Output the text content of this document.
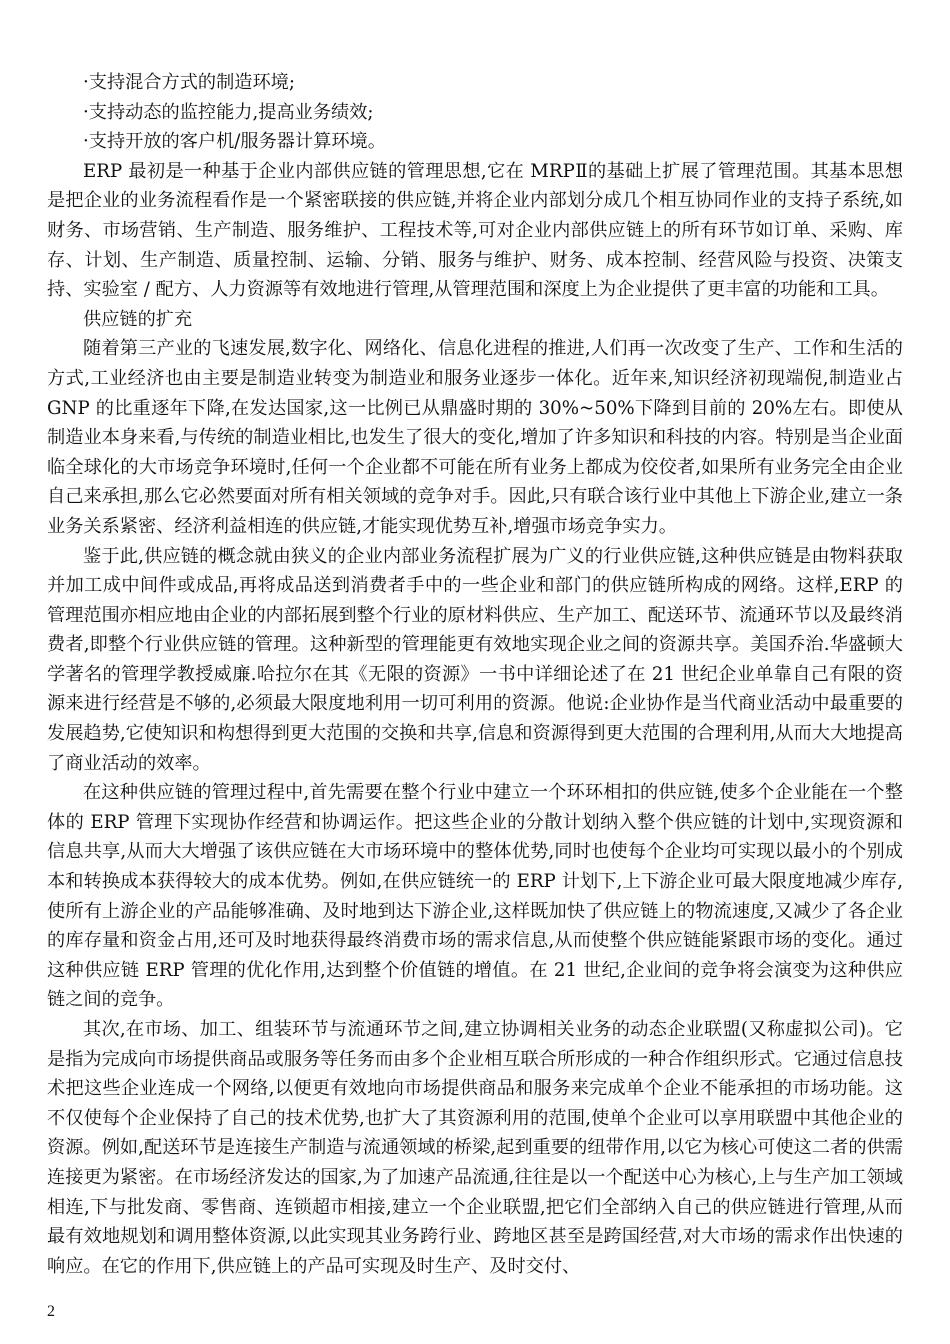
·支持混合方式的制造环境;

·支持动态的监控能力,提高业务绩效;

·支持开放的客户机/服务器计算环境。

ERP 最初是一种基于企业内部供应链的管理思想,它在 MRPⅡ的基础上扩展了管理范围。其基本思想是把企业的业务流程看作是一个紧密联接的供应链,并将企业内部划分成几个相互协同作业的支持子系统,如财务、市场营销、生产制造、服务维护、工程技术等,可对企业内部供应链上的所有环节如订单、采购、库存、计划、生产制造、质量控制、运输、分销、服务与维护、财务、成本控制、经营风险与投资、决策支持、实验室 / 配方、人力资源等有效地进行管理,从管理范围和深度上为企业提供了更丰富的功能和工具。

供应链的扩充

随着第三产业的飞速发展,数字化、网络化、信息化进程的推进,人们再一次改变了生产、工作和生活的方式,工业经济也由主要是制造业转变为制造业和服务业逐步一体化。近年来,知识经济初现端倪,制造业占 GNP 的比重逐年下降,在发达国家,这一比例已从鼎盛时期的 30%~50%下降到目前的 20%左右。即使从制造业本身来看,与传统的制造业相比,也发生了很大的变化,增加了许多知识和科技的内容。特别是当企业面临全球化的大市场竞争环境时,任何一个企业都不可能在所有业务上都成为佼佼者,如果所有业务完全由企业自己来承担,那么它必然要面对所有相关领域的竞争对手。因此,只有联合该行业中其他上下游企业,建立一条业务关系紧密、经济利益相连的供应链,才能实现优势互补,增强市场竞争实力。

鉴于此,供应链的概念就由狭义的企业内部业务流程扩展为广义的行业供应链,这种供应链是由物料获取并加工成中间件或成品,再将成品送到消费者手中的一些企业和部门的供应链所构成的网络。这样,ERP 的管理范围亦相应地由企业的内部拓展到整个行业的原材料供应、生产加工、配送环节、流通环节以及最终消费者,即整个行业供应链的管理。这种新型的管理能更有效地实现企业之间的资源共享。美国乔治.华盛顿大学著名的管理学教授威廉.哈拉尔在其《无限的资源》一书中详细论述了在 21 世纪企业单靠自己有限的资源来进行经营是不够的,必须最大限度地利用一切可利用的资源。他说:企业协作是当代商业活动中最重要的发展趋势,它使知识和构想得到更大范围的交换和共享,信息和资源得到更大范围的合理利用,从而大大地提高了商业活动的效率。

在这种供应链的管理过程中,首先需要在整个行业中建立一个环环相扣的供应链,使多个企业能在一个整体的 ERP 管理下实现协作经营和协调运作。把这些企业的分散计划纳入整个供应链的计划中,实现资源和信息共享,从而大大增强了该供应链在大市场环境中的整体优势,同时也使每个企业均可实现以最小的个别成本和转换成本获得较大的成本优势。例如,在供应链统一的 ERP 计划下,上下游企业可最大限度地减少库存,使所有上游企业的产品能够准确、及时地到达下游企业,这样既加快了供应链上的物流速度,又减少了各企业的库存量和资金占用,还可及时地获得最终消费市场的需求信息,从而使整个供应链能紧跟市场的变化。通过这种供应链 ERP 管理的优化作用,达到整个价值链的增值。在 21 世纪,企业间的竞争将会演变为这种供应链之间的竞争。

其次,在市场、加工、组装环节与流通环节之间,建立协调相关业务的动态企业联盟(又称虚拟公司)。它是指为完成向市场提供商品或服务等任务而由多个企业相互联合所形成的一种合作组织形式。它通过信息技术把这些企业连成一个网络,以便更有效地向市场提供商品和服务来完成单个企业不能承担的市场功能。这不仅使每个企业保持了自己的技术优势,也扩大了其资源利用的范围,使单个企业可以享用联盟中其他企业的资源。例如,配送环节是连接生产制造与流通领域的桥梁,起到重要的纽带作用,以它为核心可使这二者的供需连接更为紧密。在市场经济发达的国家,为了加速产品流通,往往是以一个配送中心为核心,上与生产加工领域相连,下与批发商、零售商、连锁超市相接,建立一个企业联盟,把它们全部纳入自己的供应链进行管理,从而最有效地规划和调用整体资源,以此实现其业务跨行业、跨地区甚至是跨国经营,对大市场的需求作出快速的响应。在它的作用下,供应链上的产品可实现及时生产、及时交付、

2
